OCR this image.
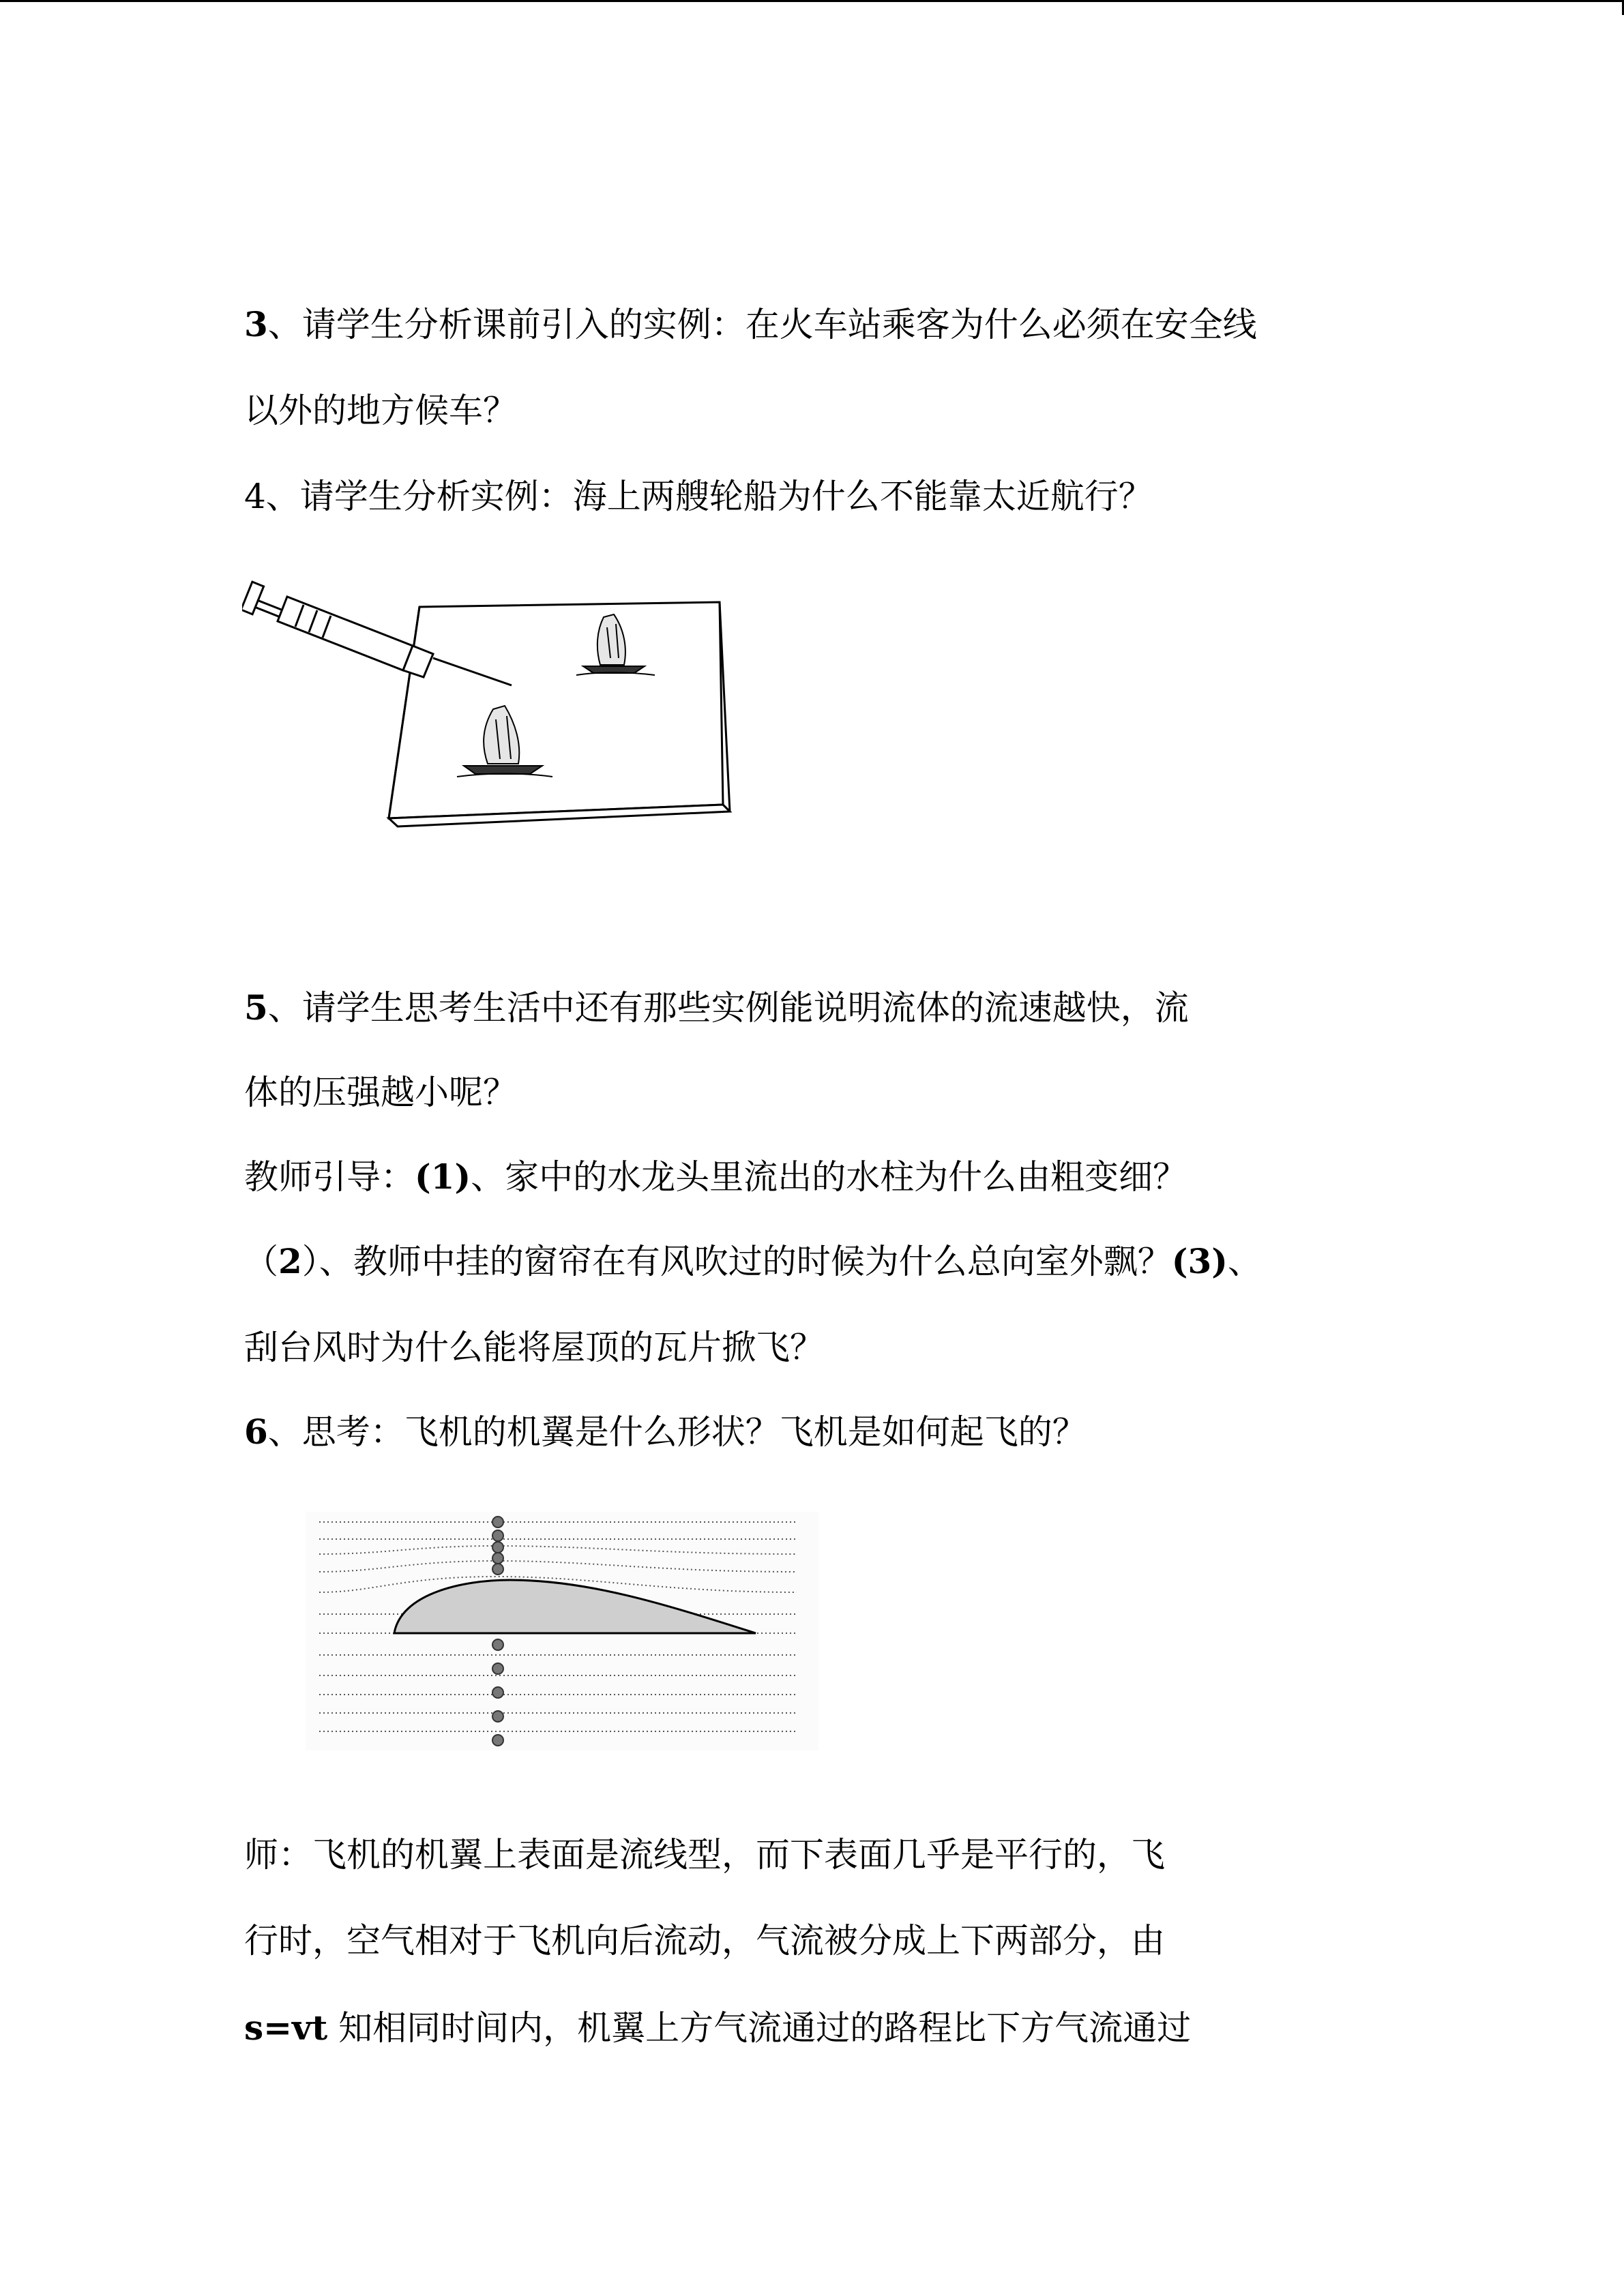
3、请学生分析课前引入的实例：在火车站乘客为什么必须在安全线
以外的地方候车？
4、请学生分析实例：海上两艘轮船为什么不能靠太近航行？
5、请学生思考生活中还有那些实例能说明流体的流速越快，流
体的压强越小呢？
教师引导：(1)、家中的水龙头里流出的水柱为什么由粗变细？
（2）、教师中挂的窗帘在有风吹过的时候为什么总向室外飘？(3)、
刮台风时为什么能将屋顶的瓦片掀飞？
6、思考：飞机的机翼是什么形状？飞机是如何起飞的？
师：飞机的机翼上表面是流线型，而下表面几乎是平行的，飞
行时，空气相对于飞机向后流动，气流被分成上下两部分，由
s=vt 知相同时间内，机翼上方气流通过的路程比下方气流通过
